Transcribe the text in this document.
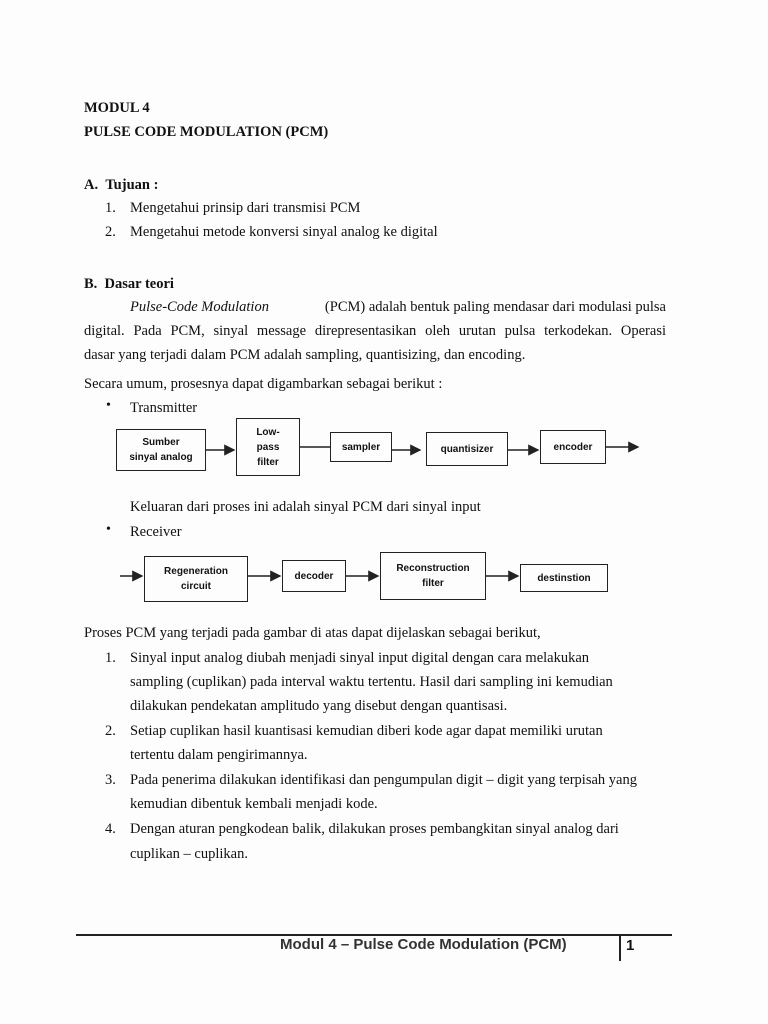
MODUL 4
PULSE CODE MODULATION (PCM)
A. Tujuan :
1. Mengetahui prinsip dari transmisi PCM
2. Mengetahui metode konversi sinyal analog ke digital
B. Dasar teori
Pulse-Code Modulation	(PCM) adalah bentuk paling mendasar dari modulasi pulsa
digital. Pada PCM, sinyal message direpresentasikan oleh urutan pulsa terkodekan. Operasi
dasar yang terjadi dalam PCM adalah sampling, quantisizing, dan encoding.
Secara umum, prosesnya dapat digambarkan sebagai berikut :
• Transmitter
Sumber
sinyal analog
Low-
pass
filter
sampler	quantisizer	encoder
Keluaran dari proses ini adalah sinyal PCM dari sinyal input
• Receiver
Regeneration
circuit
decoder
Reconstruction
filter	destinstion
Proses PCM yang terjadi pada gambar di atas dapat dijelaskan sebagai berikut,
1. Sinyal input analog diubah menjadi sinyal input digital dengan cara melakukan
sampling (cuplikan) pada interval waktu tertentu. Hasil dari sampling ini kemudian
dilakukan pendekatan amplitudo yang disebut dengan quantisasi.
2. Setiap cuplikan hasil kuantisasi kemudian diberi kode agar dapat memiliki urutan
tertentu dalam pengirimannya.
3. Pada penerima dilakukan identifikasi dan pengumpulan digit – digit yang terpisah yang
kemudian dibentuk kembali menjadi kode.
4. Dengan aturan pengkodean balik, dilakukan proses pembangkitan sinyal analog dari
cuplikan – cuplikan.
Modul 4 – Pulse Code Modulation (PCM)	1
